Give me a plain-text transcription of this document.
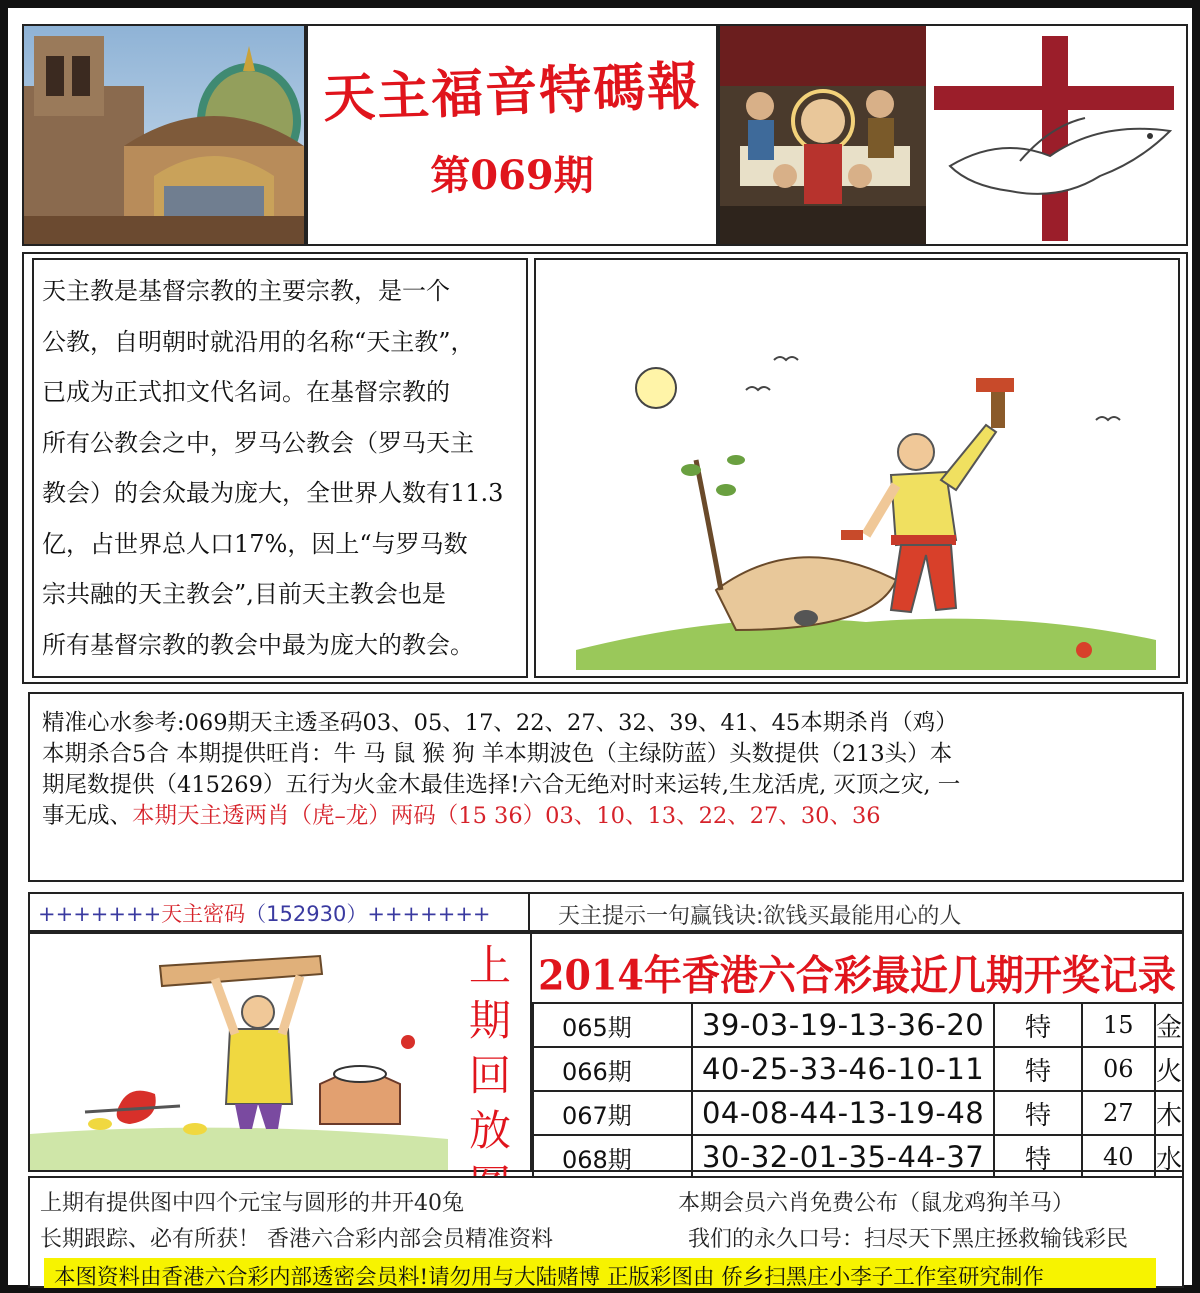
天主福音特碼報
第069期

天主教是基督宗教的主要宗教，是一个

公教，自明朝时就沿用的名称“天主教”，

已成为正式扣文代名词。在基督宗教的

所有公教会之中，罗马公教会（罗马天主

教会）的会众最为庞大，全世界人数有11.3

亿，占世界总人口17%，因上“与罗马数

宗共融的天主教会”,目前天主教会也是

所有基督宗教的教会中最为庞大的教会。

精准心水参考:069期天主透圣码03、05、17、22、27、32、39、41、45本期杀肖（鸡）

本期杀合5合 本期提供旺肖：牛 马 鼠 猴 狗 羊本期波色（主绿防蓝）头数提供（213头）本

期尾数提供（415269）五行为火金木最佳选择!六合无绝对时来运转,生龙活虎, 灭顶之灾, 一

事无成、本期天主透两肖（虎–龙）两码（15 36）03、10、13、22、27、30、36

+++++++天主密码（152930）+++++++	天主提示一句赢钱诀:欲钱买最能用心的人
上
期
回
放
2014年香港六合彩最近几期开奖记录
065期	39-03-19-13-36-20	特	15	金
066期	40-25-33-46-10-11	特	06	火
067期	04-08-44-13-19-48	特	27	木
068期	30-32-01-35-44-37	特	40	水
上期有提供图中四个元宝与圆形的井开40兔	本期会员六肖免费公布（鼠龙鸡狗羊马）
长期跟踪、必有所获！ 香港六合彩内部会员精准资料	我们的永久口号：扫尽天下黑庄拯救输钱彩民
本图资料由香港六合彩内部透密会员料!请勿用与大陆赌博 正版彩图由 侨乡扫黑庄小李子工作室研究制作
